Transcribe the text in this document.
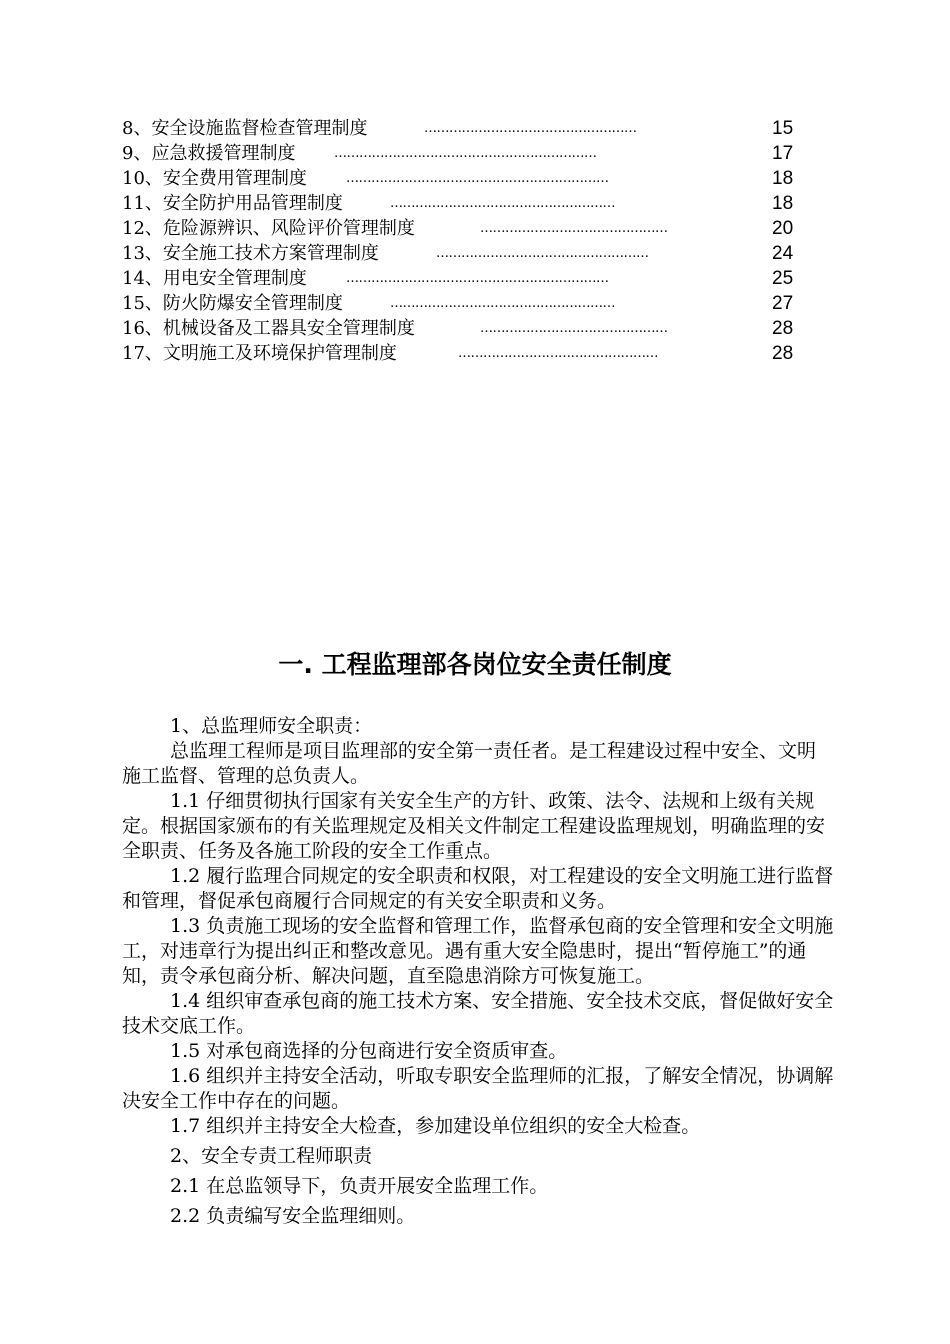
8、安全设施监督检查管理制度	……………………………………………	15
9、应急救援管理制度	………………………………………………………	17
10、安全费用管理制度	………………………………………………………	18
11、安全防护用品管理制度	………………………………………………	18
12、危险源辨识、风险评价管理制度	………………………………………	20
13、安全施工技术方案管理制度	……………………………………………	24
14、用电安全管理制度	………………………………………………………	25
15、防火防爆安全管理制度	………………………………………………	27
16、机械设备及工器具安全管理制度	………………………………………	28
17、文明施工及环境保护管理制度	…………………………………………	28
一. 工程监理部各岗位安全责任制度

1、总监理师安全职责：

总监理工程师是项目监理部的安全第一责任者。是工程建设过程中安全、文明施工监督、管理的总负责人。

1.1 仔细贯彻执行国家有关安全生产的方针、政策、法令、法规和上级有关规定。根据国家颁布的有关监理规定及相关文件制定工程建设监理规划，明确监理的安全职责、任务及各施工阶段的安全工作重点。

1.2 履行监理合同规定的安全职责和权限，对工程建设的安全文明施工进行监督和管理，督促承包商履行合同规定的有关安全职责和义务。

1.3 负责施工现场的安全监督和管理工作，监督承包商的安全管理和安全文明施工，对违章行为提出纠正和整改意见。遇有重大安全隐患时，提出“暂停施工”的通知，责令承包商分析、解决问题，直至隐患消除方可恢复施工。

1.4 组织审查承包商的施工技术方案、安全措施、安全技术交底，督促做好安全技术交底工作。

1.5 对承包商选择的分包商进行安全资质审查。

1.6 组织并主持安全活动，听取专职安全监理师的汇报，了解安全情况，协调解决安全工作中存在的问题。

1.7 组织并主持安全大检查，参加建设单位组织的安全大检查。

2、安全专责工程师职责

2.1 在总监领导下，负责开展安全监理工作。

2.2 负责编写安全监理细则。
